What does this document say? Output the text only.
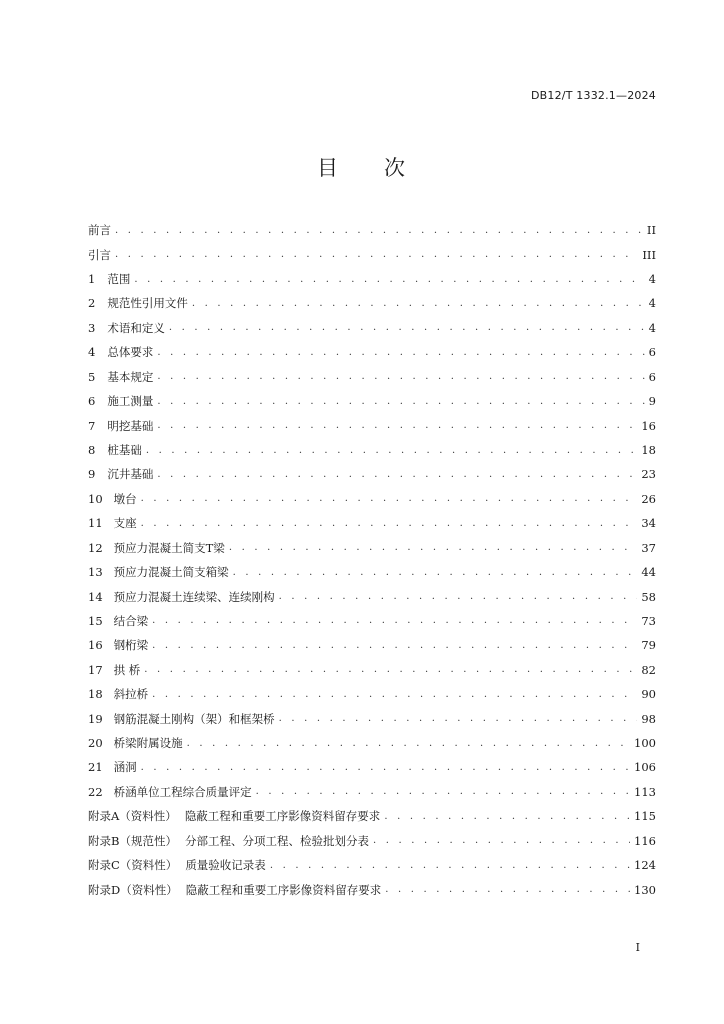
DB12/T 1332.1—2024
目 次
前言 . . .	II
引言 . . .	III
1 范围 . . .	4
2 规范性引用文件 . . .	4
3 术语和定义 . . .	4
4 总体要求 . . .	6
5 基本规定 . . .	6
6 施工测量 . . .	9
7 明挖基础 . . .	16
8 桩基础 . . .	18
9 沉井基础 . . .	23
10 墩台 . . .	26
11 支座 . . .	34
12 预应力混凝土简支T梁 . . .	37
13 预应力混凝土简支箱梁 . . .	44
14 预应力混凝土连续梁、连续刚构 . . .	58
15 结合梁 . . .	73
16 钢桁梁 . . .	79
17 拱 桥 . . .	82
18 斜拉桥 . . .	90
19 钢筋混凝土刚构（架）和框架桥 . . .	98
20 桥梁附属设施 . . .	100
21 涵洞 . . .	106
22 桥涵单位工程综合质量评定 . . .	113
附录A（资料性） 隐蔽工程和重要工序影像资料留存要求 . . .	115
附录B（规范性） 分部工程、分项工程、检验批划分表 . . .	116
附录C（资料性） 质量验收记录表 . . .	124
附录D（资料性） 隐蔽工程和重要工序影像资料留存要求 . . .	130
I
